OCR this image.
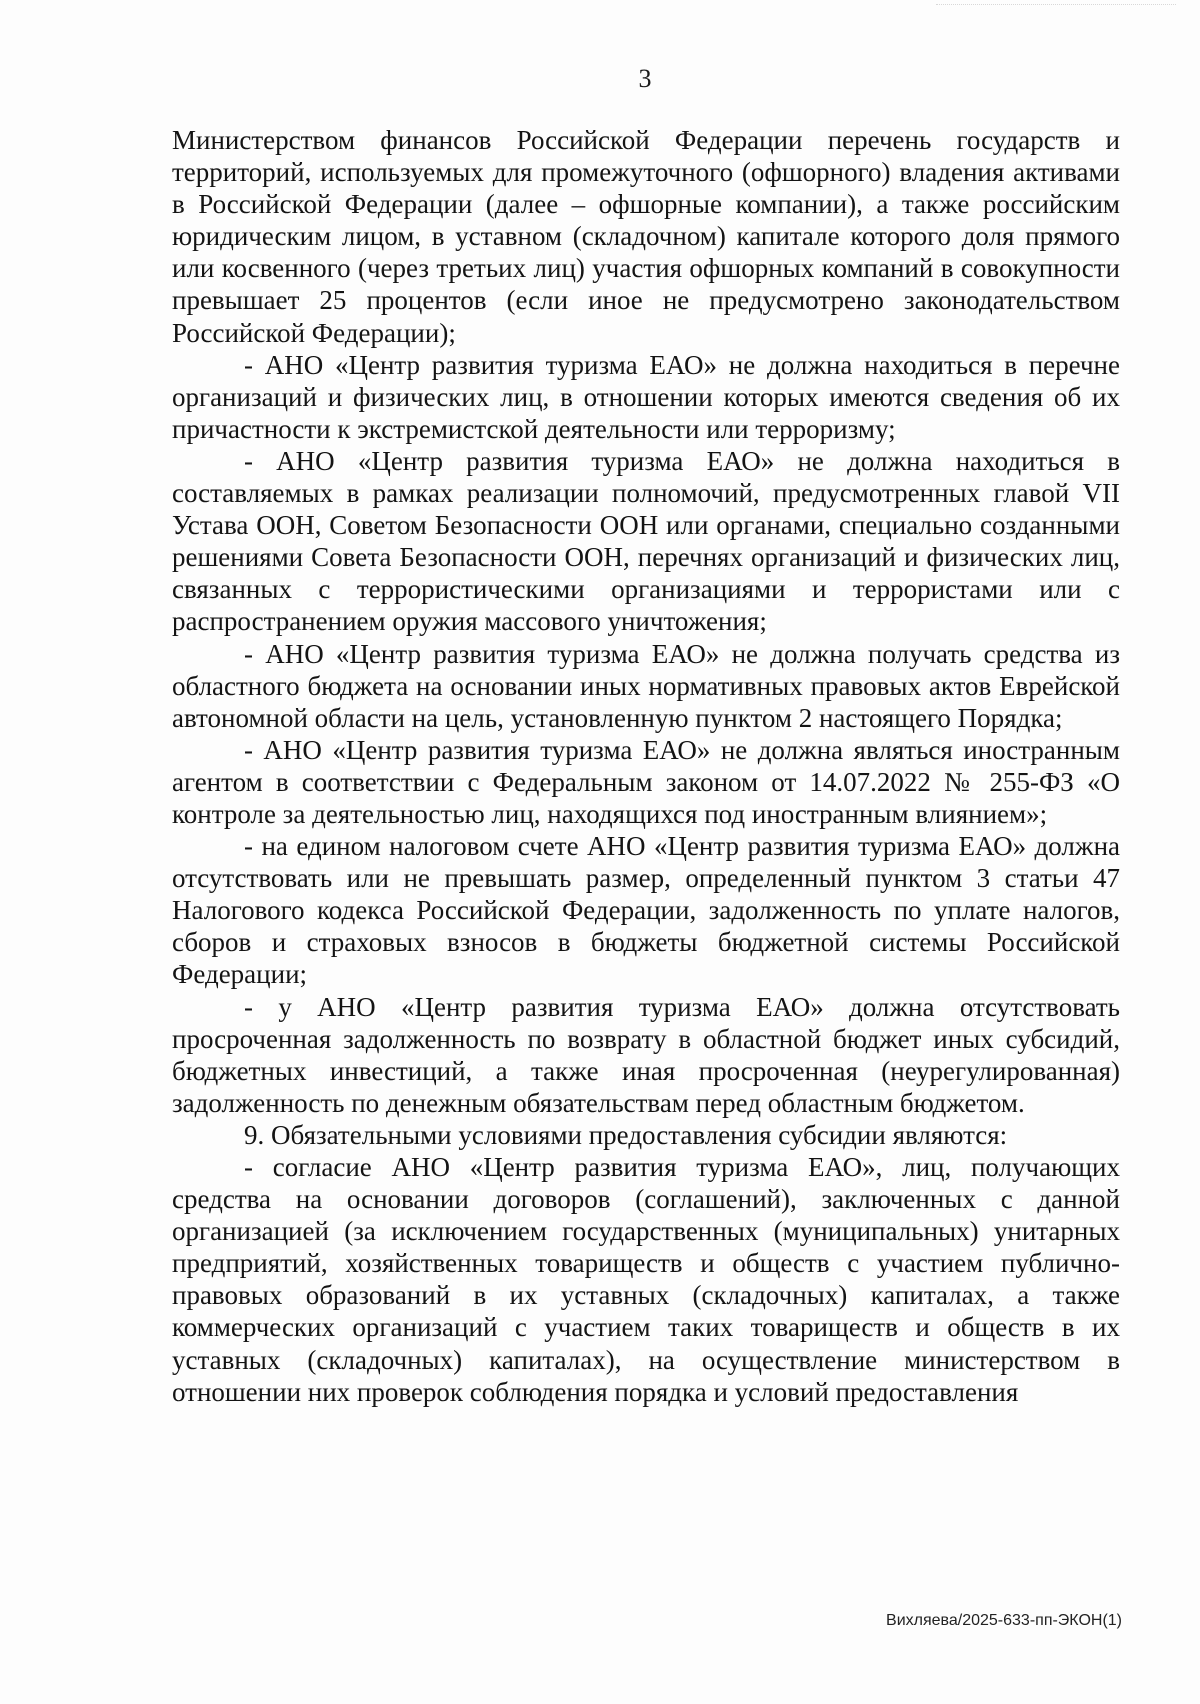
3

Министерством финансов Российской Федерации перечень государств и территорий, используемых для промежуточного (офшорного) владения активами в Российской Федерации (далее – офшорные компании), а также российским юридическим лицом, в уставном (складочном) капитале которого доля прямого или косвенного (через третьих лиц) участия офшорных компаний в совокупности превышает 25 процентов (если иное не предусмотрено законодательством Российской Федерации);

- АНО «Центр развития туризма ЕАО» не должна находиться в перечне организаций и физических лиц, в отношении которых имеются сведения об их причастности к экстремистской деятельности или терроризму;

- АНО «Центр развития туризма ЕАО» не должна находиться в составляемых в рамках реализации полномочий, предусмотренных главой VII Устава ООН, Советом Безопасности ООН или органами, специально созданными решениями Совета Безопасности ООН, перечнях организаций и физических лиц, связанных с террористическими организациями и террористами или с распространением оружия массового уничтожения;

- АНО «Центр развития туризма ЕАО» не должна получать средства из областного бюджета на основании иных нормативных правовых актов Еврейской автономной области на цель, установленную пунктом 2 настоящего Порядка;

- АНО «Центр развития туризма ЕАО» не должна являться иностранным агентом в соответствии с Федеральным законом от 14.07.2022 № 255-ФЗ «О контроле за деятельностью лиц, находящихся под иностранным влиянием»;

- на едином налоговом счете АНО «Центр развития туризма ЕАО» должна отсутствовать или не превышать размер, определенный пунктом 3 статьи 47 Налогового кодекса Российской Федерации, задолженность по уплате налогов, сборов и страховых взносов в бюджеты бюджетной системы Российской Федерации;

- у АНО «Центр развития туризма ЕАО» должна отсутствовать просроченная задолженность по возврату в областной бюджет иных субсидий, бюджетных инвестиций, а также иная просроченная (неурегулированная) задолженность по денежным обязательствам перед областным бюджетом.

9. Обязательными условиями предоставления субсидии являются:

- согласие АНО «Центр развития туризма ЕАО», лиц, получающих средства на основании договоров (соглашений), заключенных с данной организацией (за исключением государственных (муниципальных) унитарных предприятий, хозяйственных товариществ и обществ с участием публично-правовых образований в их уставных (складочных) капиталах, а также коммерческих организаций с участием таких товариществ и обществ в их уставных (складочных) капиталах), на осуществление министерством в отношении них проверок соблюдения порядка и условий предоставления

Вихляева/2025-633-пп-ЭКОН(1)
